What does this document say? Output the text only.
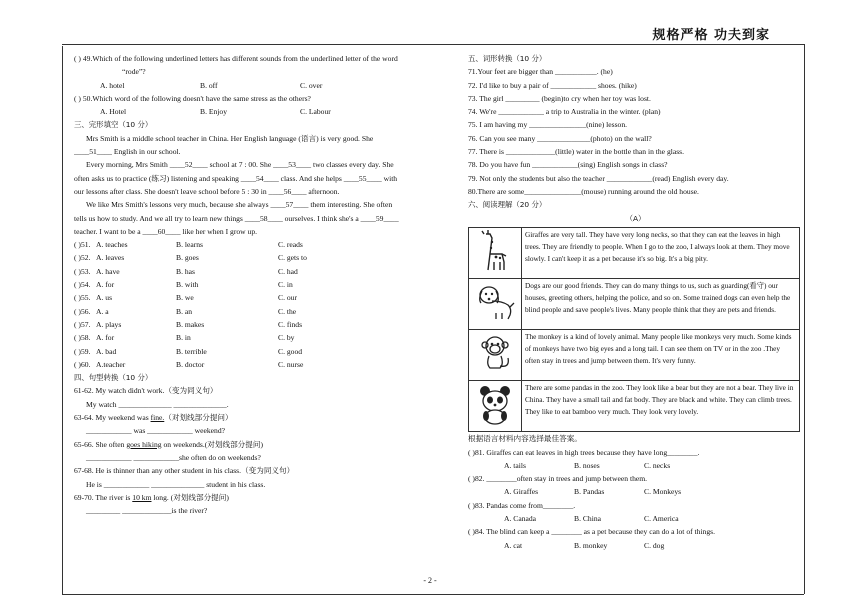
规格严格 功夫到家
( ) 49.Which of the following underlined letters has different sounds from the underlined letter of the word
“rode”?
A. hotel	B. off	C. over
( ) 50.Which word of the following doesn't have the same stress as the others?
A. Hotel	B. Enjoy	C. Labour
三、完形填空（10 分）
Mrs Smith is a middle school teacher in China. Her English language (语言) is very good. She
____51____ English in our school.
Every morning, Mrs Smith ____52____ school at 7 : 00. She ____53____ two classes every day. She
often asks us to practice (练习) listening and speaking ____54____ class. And she helps ____55____ with
our lessons after class. She doesn't leave school before 5 : 30 in ____56____ afternoon.
We like Mrs Smith's lessons very much, because she always ____57____ them interesting. She often
tells us how to study. And we all try to learn new things ____58____ ourselves. I think she's a ____59____
teacher. I want to be a ____60____ like her when I grow up.
( )51. A. teaches	B. learns	C. reads
( )52. A. leaves	B. goes	C. gets to
( )53. A. have	B. has	C. had
( )54. A. for	B. with	C. in
( )55. A. us	B. we	C. our
( )56. A. a	B. an	C. the
( )57. A. plays	B. makes	C. finds
( )58. A. for	B. in	C. by
( )59. A. bad	B. terrible	C. good
( )60. A.teacher	B. doctor	C. nurse
四、句型转换（10 分）
61-62. My watch didn't work.（变为同义句）
My watch ______________ ______________.
63-64. My weekend was fine.（对划线部分提问）
____________ was ____________ weekend?
65-66. She often goes hiking on weekends.(对划线部分提问)
____________ ____________she often do on weekends?
67-68. He is thinner than any other student in his class.（变为同义句）
He is ____________ ______________ student in his class.
69-70. The river is 10 km long. (对划线部分提问)
_________ _____________is the river?
五、词形转换（10 分）
71.Your feet are bigger than ___________. (he)
72. I'd like to buy a pair of ____________ shoes. (hike)
73. The girl _________ (begin)to cry when her toy was lost.
74. We're ____________ a trip to Australia in the winter. (plan)
75. I am having my _______________(nine) lesson.
76. Can you see many ______________(photo) on the wall?
77. There is _____________(little) water in the bottle than in the glass.
78. Do you have fun ____________(sing) English songs in class?
79. Not only the students but also the teacher ____________(read) English every day.
80.There are some_______________(mouse) running around the old house.
六、阅读理解（20 分）
（A）
	Giraffes are very tall. They have very long necks, so that they can eat the leaves in high trees. They are friendly to people. When I go to the zoo, I always look at them. They move slowly. I can't keep it as a pet because it's so big. It's a big pity.
	Dogs are our good friends. They can do many things to us, such as guarding(看守) our houses, greeting others, helping the police, and so on. Some trained dogs can even help the blind people and save people's lives. Many people think that they are pets and friends.
	The monkey is a kind of lovely animal. Many people like monkeys very much. Some kinds of monkeys have two big eyes and a long tail. I can see them on TV or in the zoo .They often stay in trees and jump between them. It's very funny.
	There are some pandas in the zoo. They look like a bear but they are not a bear. They live in China. They have a small tail and fat body. They are black and white. They can climb trees. They like to eat bamboo very much. They look very lovely.
根据语言材料内容选择最佳答案。
( )81. Giraffes can eat leaves in high trees because they have long________.
A. tails	B. noses	C. necks
( )82. ________often stay in trees and jump between them.
A. Giraffes	B. Pandas	C. Monkeys
( )83. Pandas come from________.
A. Canada	B. China	C. America
( )84. The blind can keep a ________ as a pet because they can do a lot of things.
A. cat	B. monkey	C. dog
- 2 -
